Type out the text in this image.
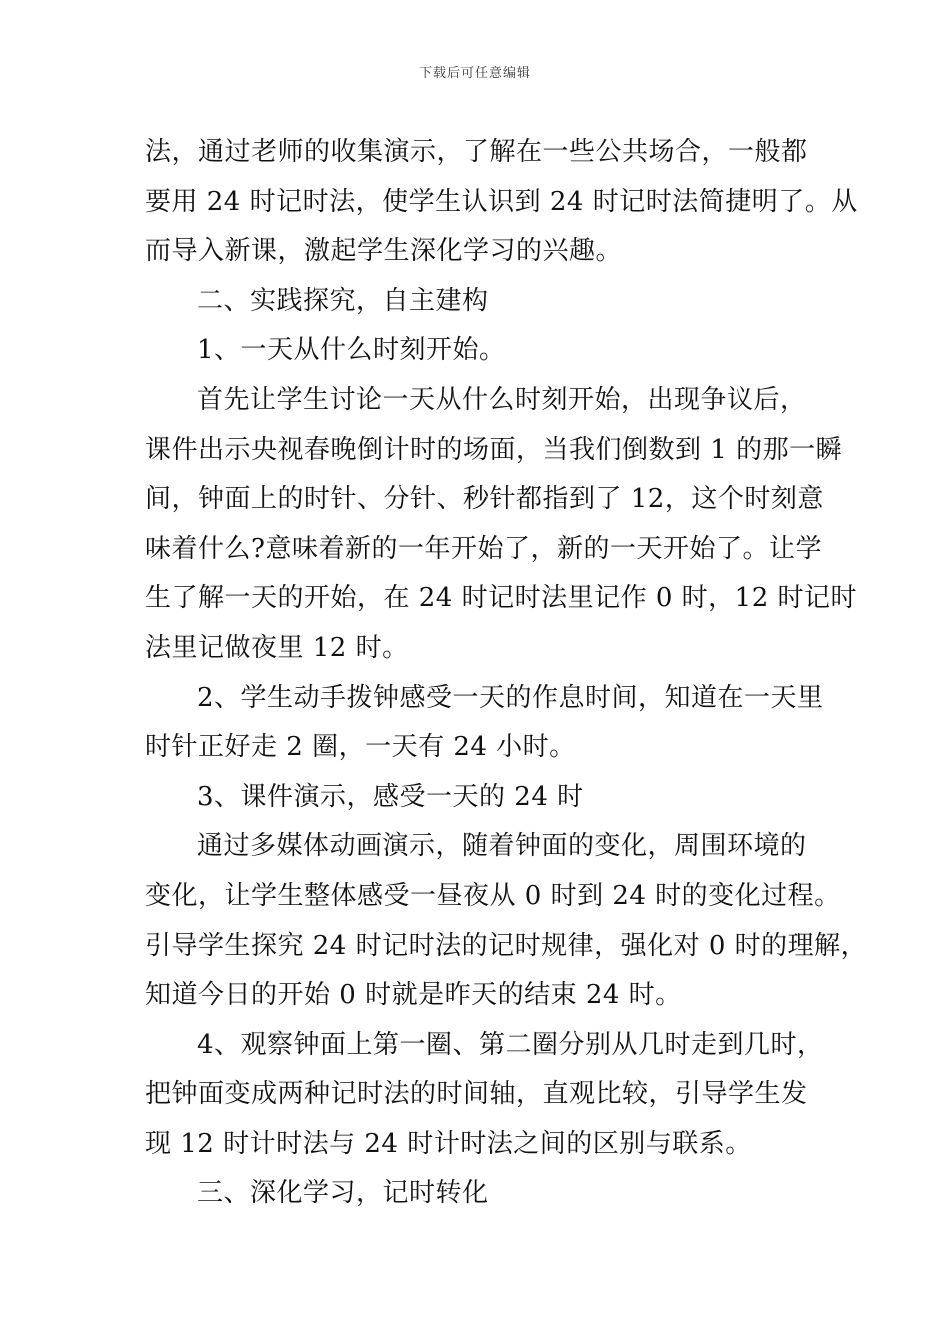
下载后可任意编辑
法，通过老师的收集演示，了解在一些公共场合，一般都
要用 24 时记时法，使学生认识到 24 时记时法简捷明了。从
而导入新课，激起学生深化学习的兴趣。
二、实践探究，自主建构
1、一天从什么时刻开始。
首先让学生讨论一天从什么时刻开始，出现争议后，
课件出示央视春晚倒计时的场面，当我们倒数到 1 的那一瞬
间，钟面上的时针、分针、秒针都指到了 12，这个时刻意
味着什么?意味着新的一年开始了，新的一天开始了。让学
生了解一天的开始，在 24 时记时法里记作 0 时，12 时记时
法里记做夜里 12 时。
2、学生动手拨钟感受一天的作息时间，知道在一天里
时针正好走 2 圈，一天有 24 小时。
3、课件演示，感受一天的 24 时
通过多媒体动画演示，随着钟面的变化，周围环境的
变化，让学生整体感受一昼夜从 0 时到 24 时的变化过程。
引导学生探究 24 时记时法的记时规律，强化对 0 时的理解，
知道今日的开始 0 时就是昨天的结束 24 时。
4、观察钟面上第一圈、第二圈分别从几时走到几时，
把钟面变成两种记时法的时间轴，直观比较，引导学生发
现 12 时计时法与 24 时计时法之间的区别与联系。
三、深化学习，记时转化
